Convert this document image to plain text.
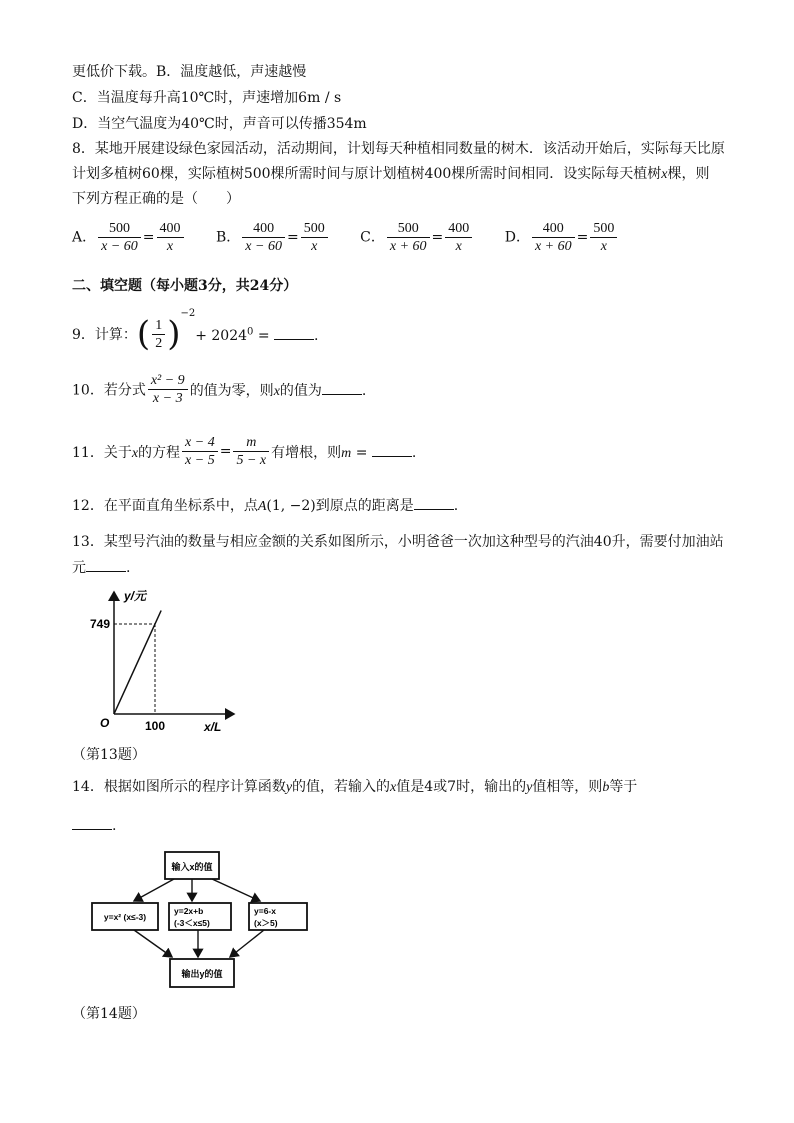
更低价下载。B．温度越低，声速越慢
C．当温度每升高10℃时，声速增加6m / s
D．当空气温度为40℃时，声音可以传播354m
8．某地开展建设绿色家园活动，活动期间，计划每天种植相同数量的树木．该活动开始后，实际每天比原
计划多植树60棵，实际植树500棵所需时间与原计划植树400棵所需时间相同．设实际每天植树x棵，则
下列方程正确的是（　　）
A． $\frac{500}{x - 60} = \frac{400}{x}$ B． $\frac{400}{x - 60} = \frac{500}{x}$ C． $\frac{500}{x + 60} = \frac{400}{x}$ D． $\frac{400}{x + 60} = \frac{500}{x}$
二、填空题（每小题3分，共24分）
9．计算：( $\frac{1}{2} )^{-2}+ 2024^0$ =	.
10．若分式 $\frac{\text{x² − 9}}{x - 3}$ 的值为零，则x的值为	.
11．关于x的方程 $\frac{x - 4}{x - 5} = \frac{m}{5 - x}$ 有增根，则m =	.
12．在平面直角坐标系中，点A(1, −2)到原点的距离是	.
13．某型号汽油的数量与相应金额的关系如图所示，小明爸爸一次加这种型号的汽油40升，需要付加油站
元	.
y/元
x/L
O
749
100
（第13题）
14．根据如图所示的程序计算函数y的值，若输入的x值是4或7时，输出的y值相等，则b等于
.
输入x的值
y=x² (x≤-3)
y=2x+b
(-3＜x≤5)
y=6-x
(x＞5)
输出y的值
（第14题）
